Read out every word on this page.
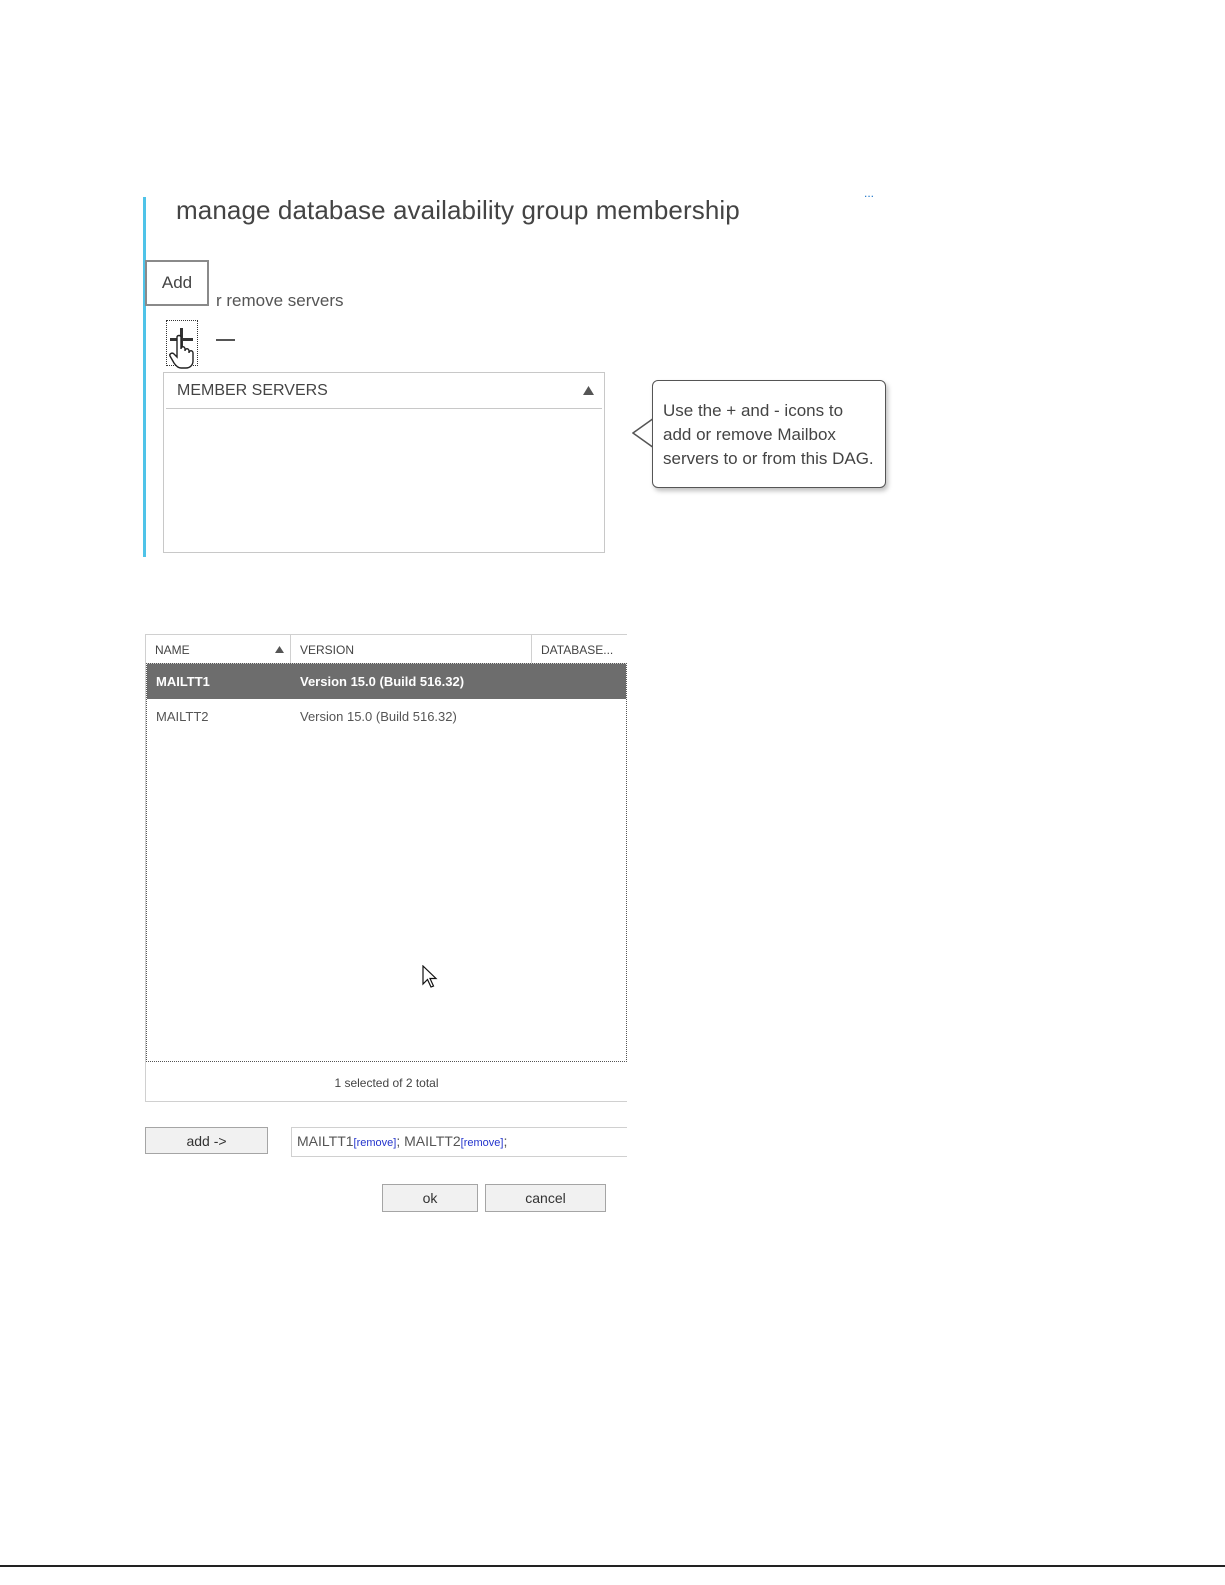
manage database availability group membership
...
r remove servers
Add
MEMBER SERVERS
Use the + and - icons to
add or remove Mailbox
servers to or from this DAG.
NAME	VERSION	DATABASE...
MAILTT1	Version 15.0 (Build 516.32)
MAILTT2	Version 15.0 (Build 516.32)
1 selected of 2 total
add ->	MAILTT1[remove]; MAILTT2[remove];
ok	cancel
